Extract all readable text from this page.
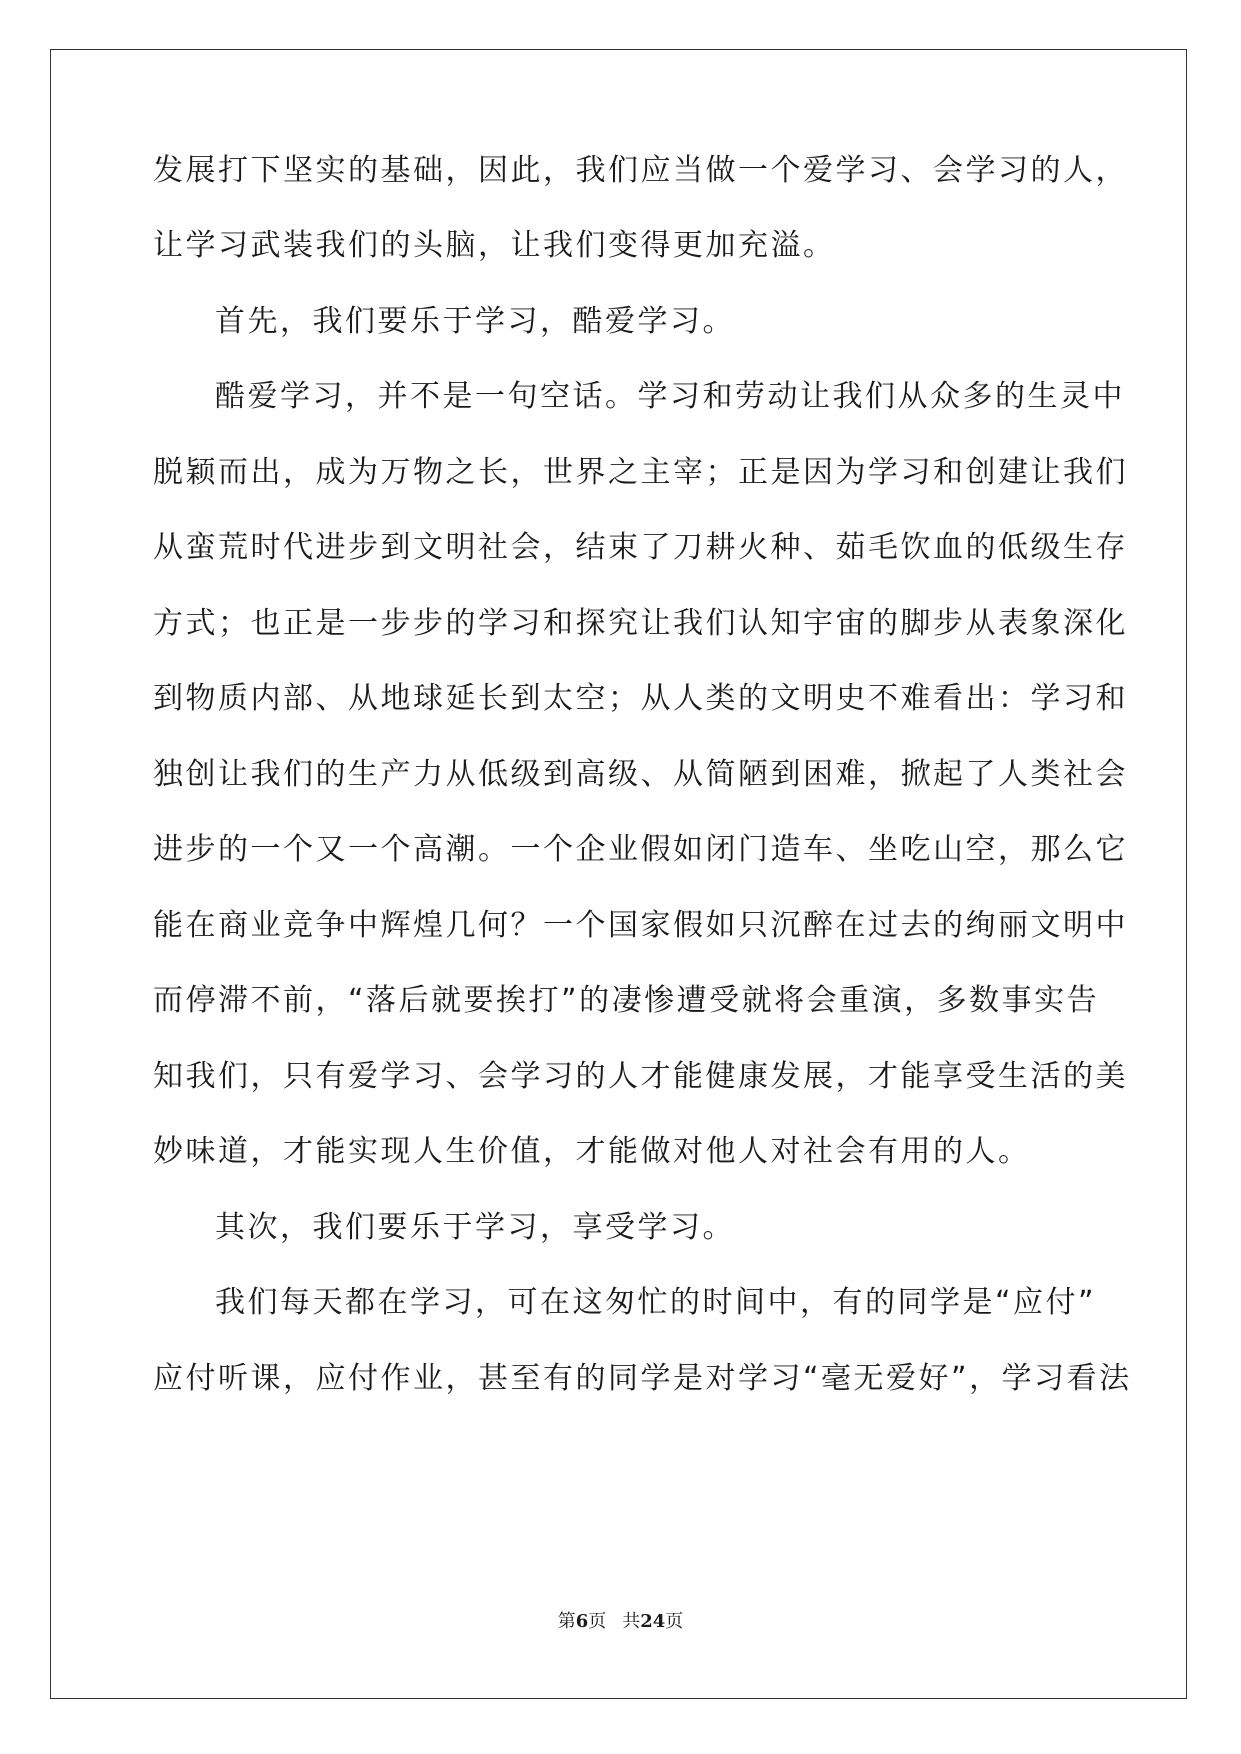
发展打下坚实的基础，因此，我们应当做一个爱学习、会学习的人，
让学习武装我们的头脑，让我们变得更加充溢。
首先，我们要乐于学习，酷爱学习。
酷爱学习，并不是一句空话。学习和劳动让我们从众多的生灵中
脱颖而出，成为万物之长，世界之主宰；正是因为学习和创建让我们
从蛮荒时代进步到文明社会，结束了刀耕火种、茹毛饮血的低级生存
方式；也正是一步步的学习和探究让我们认知宇宙的脚步从表象深化
到物质内部、从地球延长到太空；从人类的文明史不难看出：学习和
独创让我们的生产力从低级到高级、从简陋到困难，掀起了人类社会
进步的一个又一个高潮。一个企业假如闭门造车、坐吃山空，那么它
能在商业竞争中辉煌几何？一个国家假如只沉醉在过去的绚丽文明中
而停滞不前，“落后就要挨打”的凄惨遭受就将会重演，多数事实告
知我们，只有爱学习、会学习的人才能健康发展，才能享受生活的美
妙味道，才能实现人生价值，才能做对他人对社会有用的人。
其次，我们要乐于学习，享受学习。
我们每天都在学习，可在这匆忙的时间中，有的同学是“应付”
应付听课，应付作业，甚至有的同学是对学习“毫无爱好”，学习看法
第6页 共24页
